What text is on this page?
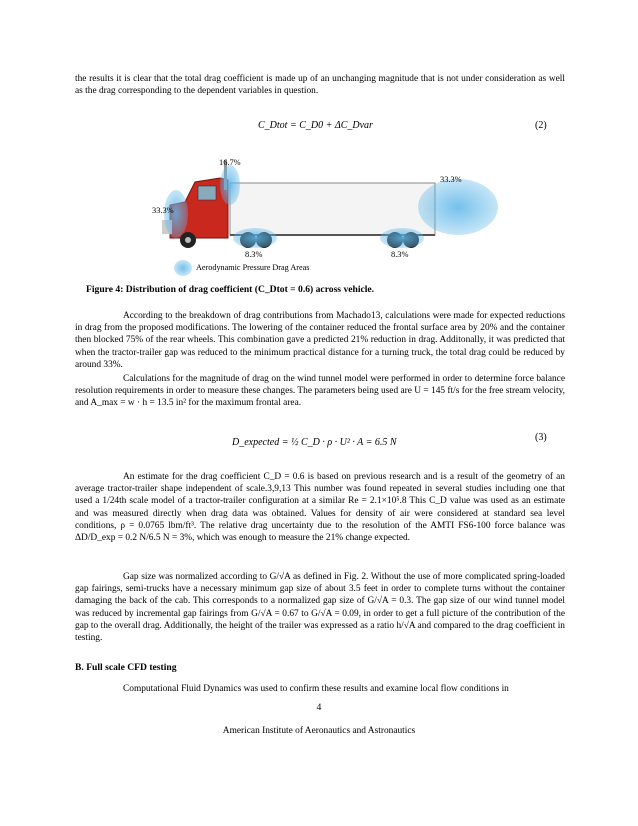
the results it is clear that the total drag coefficient is made up of an unchanging magnitude that is not under consideration as well as the drag corresponding to the dependent variables in question.
C_Dtot = C_D0 + ΔC_Dvar	(2)
16.7%
33.3%
33.3%
8.3%	8.3%
Aerodynamic Pressure Drag Areas
Figure 4: Distribution of drag coefficient (C_Dtot = 0.6) across vehicle.
According to the breakdown of drag contributions from Machado13, calculations were made for expected reductions in drag from the proposed modifications. The lowering of the container reduced the frontal surface area by 20% and the container then blocked 75% of the rear wheels. This combination gave a predicted 21% reduction in drag. Additonally, it was predicted that when the tractor-trailer gap was reduced to the minimum practical distance for a turning truck, the total drag could be reduced by around 33%.
Calculations for the magnitude of drag on the wind tunnel model were performed in order to determine force balance resolution requirements in order to measure these changes. The parameters being used are U = 145 ft/s for the free stream velocity, and A_max = w · h = 13.5 in² for the maximum frontal area.
D_expected = ½ C_D · ρ · U² · A = 6.5 N	(3)
An estimate for the drag coefficient C_D = 0.6 is based on previous research and is a result of the geometry of an average tractor-trailer shape independent of scale.3,9,13 This number was found repeated in several studies including one that used a 1/24th scale model of a tractor-trailer configuration at a similar Re = 2.1×10⁵.8 This C_D value was used as an estimate and was measured directly when drag data was obtained. Values for density of air were considered at standard sea level conditions, ρ = 0.0765 lbm/ft³. The relative drag uncertainty due to the resolution of the AMTI FS6-100 force balance was ΔD/D_exp = 0.2 N/6.5 N = 3%, which was enough to measure the 21% change expected.
Gap size was normalized according to G/√A as defined in Fig. 2. Without the use of more complicated spring-loaded gap fairings, semi-trucks have a necessary minimum gap size of about 3.5 feet in order to complete turns without the container damaging the back of the cab. This corresponds to a normalized gap size of G/√A = 0.3. The gap size of our wind tunnel model was reduced by incremental gap fairings from G/√A = 0.67 to G/√A = 0.09, in order to get a full picture of the contribution of the gap to the overall drag. Additionally, the height of the trailer was expressed as a ratio h/√A and compared to the drag coefficient in testing.
B. Full scale CFD testing
Computational Fluid Dynamics was used to confirm these results and examine local flow conditions in
4
American Institute of Aeronautics and Astronautics
